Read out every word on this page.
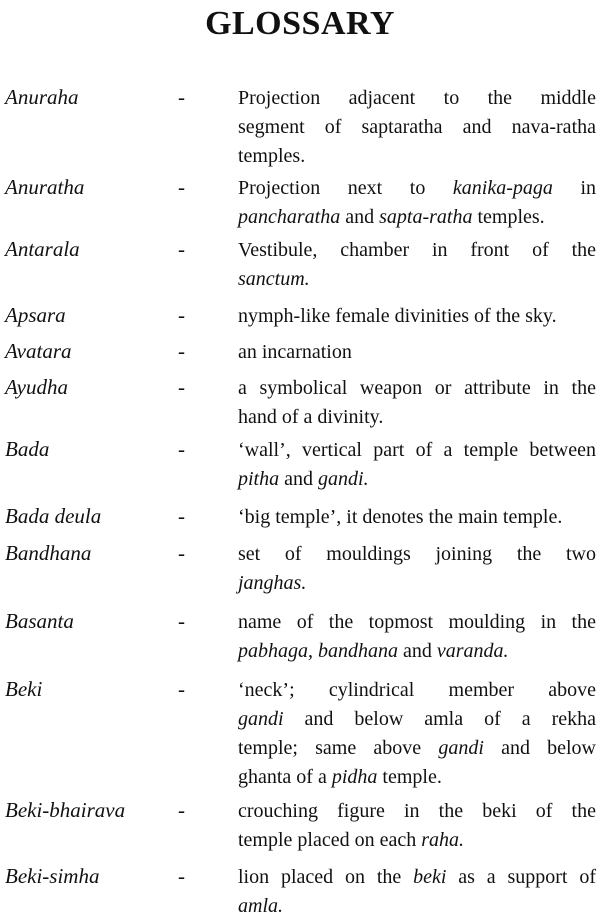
GLOSSARY
Anuraha	-	Projection adjacent to the middle
segment of saptaratha and nava-ratha
temples.
Anuratha	-	Projection next to kanika-paga in
pancharatha and sapta-ratha temples.
Antarala	-	Vestibule, chamber in front of the
sanctum.
Apsara	-	nymph-like female divinities of the sky.
Avatara	-	an incarnation
Ayudha	-	a symbolical weapon or attribute in the
hand of a divinity.
Bada	-	‘wall’, vertical part of a temple between
pitha and gandi.
Bada deula	-	‘big temple’, it denotes the main temple.
Bandhana	-	set of mouldings joining the two
janghas.
Basanta	-	name of the topmost moulding in the
pabhaga, bandhana and varanda.
Beki	-	‘neck’; cylindrical member above
gandi and below amla of a rekha
temple; same above gandi and below
ghanta of a pidha temple.
Beki-bhairava	-	crouching figure in the beki of the
temple placed on each raha.
Beki-simha	-	lion placed on the beki as a support of
amla.
